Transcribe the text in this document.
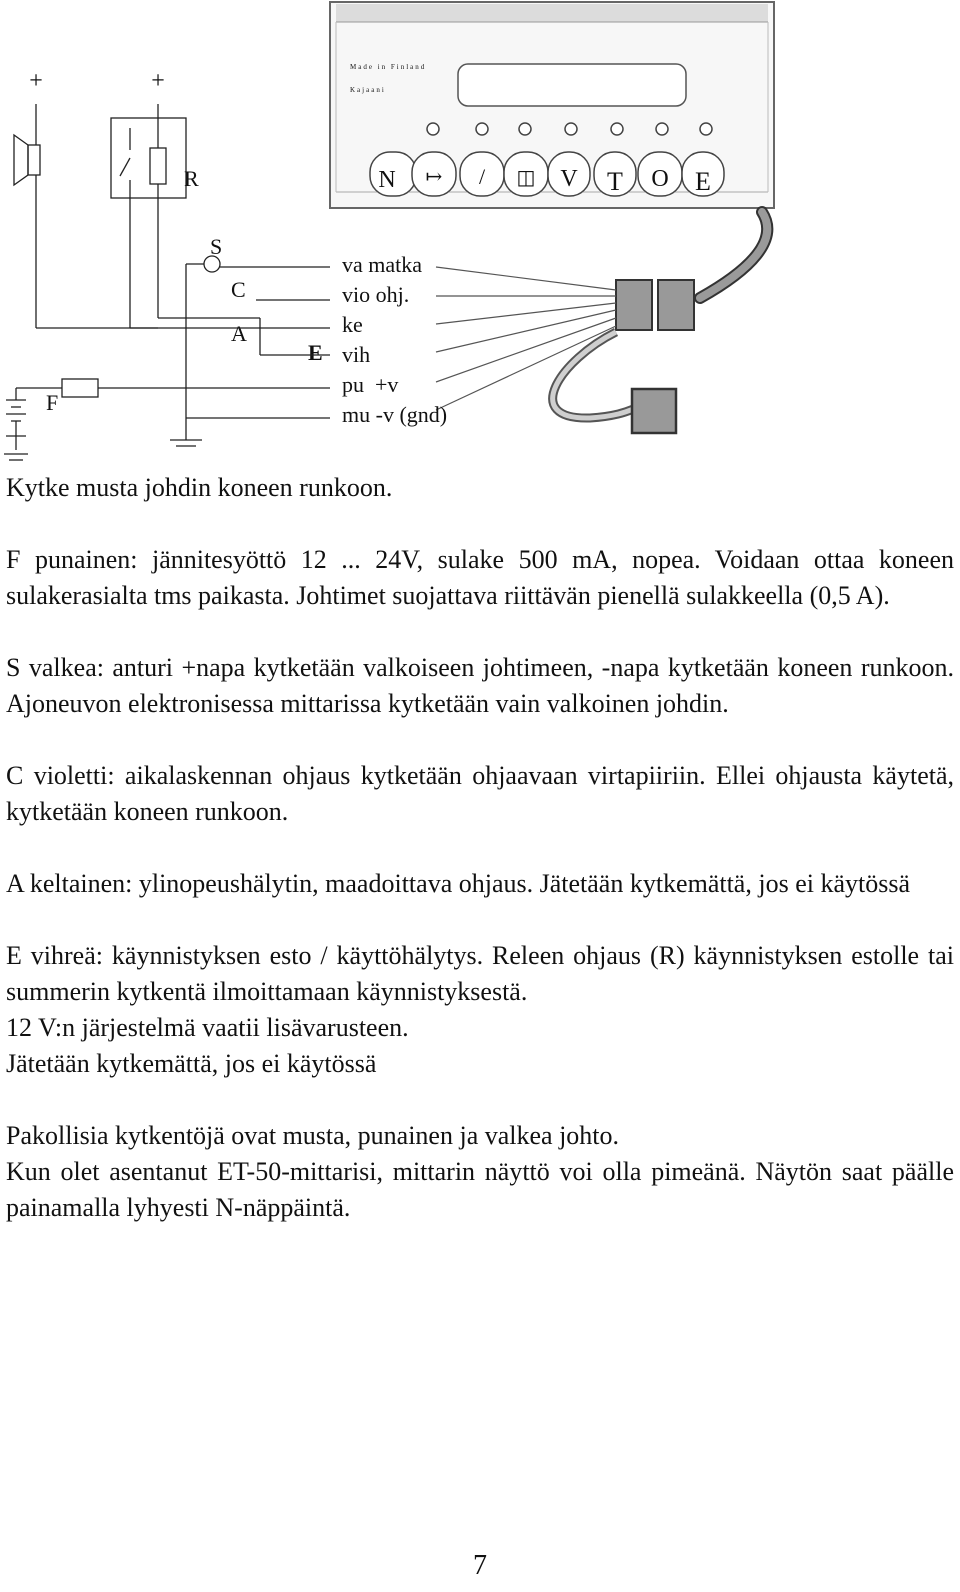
Made in Finland
Kajaani
N ↦ / ◫ V T O E
va matka
vio ohj.
ke
vih
pu  +v
mu -v (gnd)
+	+
R
S
C
A
E
F
Kytke musta johdin koneen runkoon.
F punainen: jännitesyöttö 12 ... 24V, sulake 500 mA, nopea. Voidaan ottaa koneen sulakerasialta tms paikasta. Johtimet suojattava riittävän pienellä sulakkeella (0,5 A).
S valkea: anturi +napa kytketään valkoiseen johtimeen, -napa kytketään koneen runkoon. Ajoneuvon elektronisessa mittarissa kytketään vain valkoinen johdin.
C violetti: aikalaskennan ohjaus kytketään ohjaavaan virtapiiriin. Ellei ohjausta käytetä, kytketään koneen runkoon.
A keltainen: ylinopeushälytin, maadoittava ohjaus. Jätetään kytkemättä, jos ei käytössä
E vihreä: käynnistyksen esto / käyttöhälytys. Releen ohjaus (R) käynnistyksen estolle tai summerin kytkentä ilmoittamaan käynnistyksestä.
12 V:n järjestelmä vaatii lisävarusteen.
Jätetään kytkemättä, jos ei käytössä
Pakollisia kytkentöjä ovat musta, punainen ja valkea johto.
Kun olet asentanut ET-50-mittarisi, mittarin näyttö voi olla pimeänä. Näytön saat päälle painamalla lyhyesti N-näppäintä.
7
